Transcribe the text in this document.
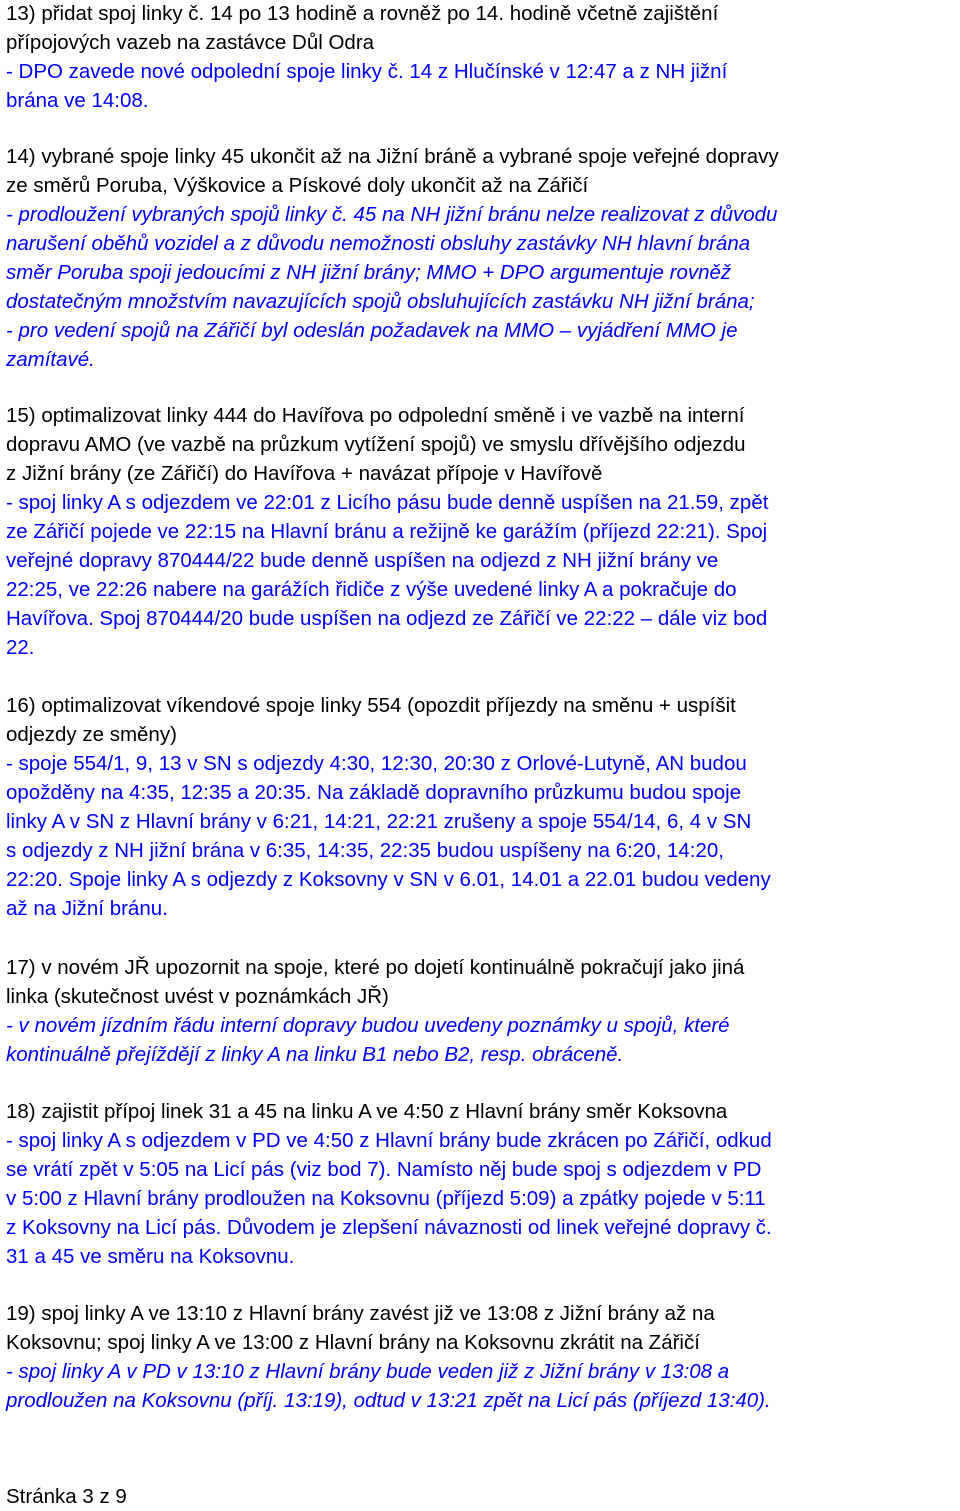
13) přidat spoj linky č. 14 po 13 hodině a rovněž po 14. hodině včetně zajištění
přípojových vazeb na zastávce Důl Odra
- DPO zavede nové odpolední spoje linky č. 14 z Hlučínské v 12:47 a z NH jižní
brána ve 14:08.
14) vybrané spoje linky 45 ukončit až na Jižní bráně a vybrané spoje veřejné dopravy
ze směrů Poruba, Výškovice a Pískové doly ukončit až na Zářičí
- prodloužení vybraných spojů linky č. 45 na NH jižní bránu nelze realizovat z důvodu
narušení oběhů vozidel a z důvodu nemožnosti obsluhy zastávky NH hlavní brána
směr Poruba spoji jedoucími z NH jižní brány; MMO + DPO argumentuje rovněž
dostatečným množstvím navazujících spojů obsluhujících zastávku NH jižní brána;
- pro vedení spojů na Zářičí byl odeslán požadavek na MMO – vyjádření MMO je
zamítavé.
15) optimalizovat linky 444 do Havířova po odpolední směně i ve vazbě na interní
dopravu AMO (ve vazbě na průzkum vytížení spojů) ve smyslu dřívějšího odjezdu
z Jižní brány (ze Zářičí) do Havířova + navázat přípoje v Havířově
- spoj linky A s odjezdem ve 22:01 z Licího pásu bude denně uspíšen na 21.59, zpět
ze Zářičí pojede ve 22:15 na Hlavní bránu a režijně ke garážím (příjezd 22:21). Spoj
veřejné dopravy 870444/22 bude denně uspíšen na odjezd z NH jižní brány ve
22:25, ve 22:26 nabere na garážích řidiče z výše uvedené linky A a pokračuje do
Havířova. Spoj 870444/20 bude uspíšen na odjezd ze Zářičí ve 22:22 – dále viz bod
22.
16) optimalizovat víkendové spoje linky 554 (opozdit příjezdy na směnu + uspíšit
odjezdy ze směny)
- spoje 554/1, 9, 13 v SN s odjezdy 4:30, 12:30, 20:30 z Orlové-Lutyně, AN budou
opožděny na 4:35, 12:35 a 20:35. Na základě dopravního průzkumu budou spoje
linky A v SN z Hlavní brány v 6:21, 14:21, 22:21 zrušeny a spoje 554/14, 6, 4 v SN
s odjezdy z NH jižní brána v 6:35, 14:35, 22:35 budou uspíšeny na 6:20, 14:20,
22:20. Spoje linky A s odjezdy z Koksovny v SN v 6.01, 14.01 a 22.01 budou vedeny
až na Jižní bránu.
17) v novém JŘ upozornit na spoje, které po dojetí kontinuálně pokračují jako jiná
linka (skutečnost uvést v poznámkách JŘ)
- v novém jízdním řádu interní dopravy budou uvedeny poznámky u spojů, které
kontinuálně přejíždějí z linky A na linku B1 nebo B2, resp. obráceně.
18) zajistit přípoj linek 31 a 45 na linku A ve 4:50 z Hlavní brány směr Koksovna
- spoj linky A s odjezdem v PD ve 4:50 z Hlavní brány bude zkrácen po Zářičí, odkud
se vrátí zpět v 5:05 na Licí pás (viz bod 7). Namísto něj bude spoj s odjezdem v PD
v 5:00 z Hlavní brány prodloužen na Koksovnu (příjezd 5:09) a zpátky pojede v 5:11
z Koksovny na Licí pás. Důvodem je zlepšení návaznosti od linek veřejné dopravy č.
31 a 45 ve směru na Koksovnu.
19) spoj linky A ve 13:10 z Hlavní brány zavést již ve 13:08 z Jižní brány až na
Koksovnu; spoj linky A ve 13:00 z Hlavní brány na Koksovnu zkrátit na Zářičí
- spoj linky A v PD v 13:10 z Hlavní brány bude veden již z Jižní brány v 13:08 a
prodloužen na Koksovnu (příj. 13:19), odtud v 13:21 zpět na Licí pás (příjezd 13:40).
Stránka 3 z 9
